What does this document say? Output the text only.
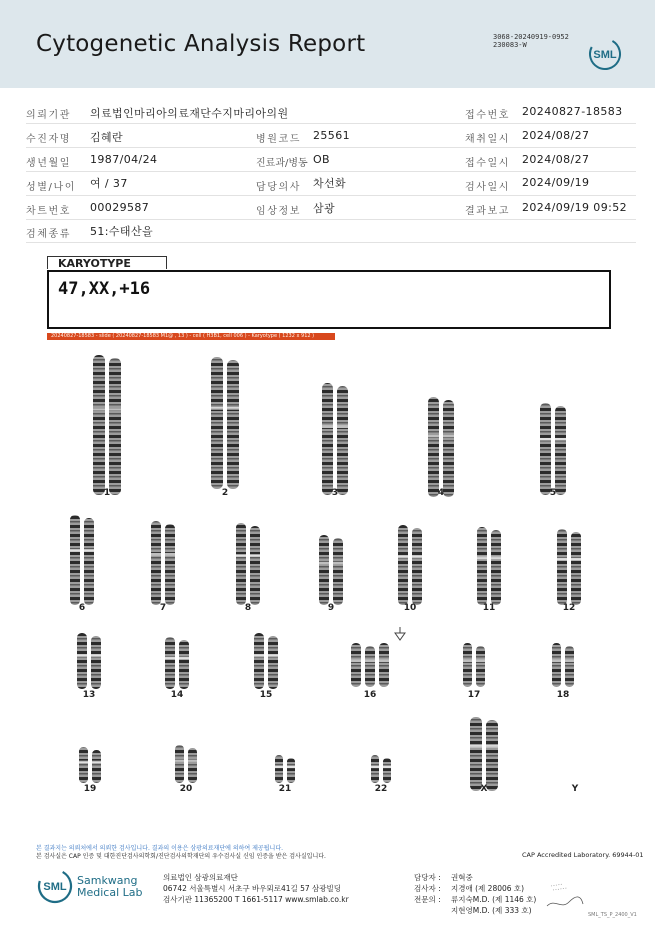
Cytogenetic Analysis Report	3068-20240919-0952
230083-W
SML
의뢰기관 의료법인마리아의료재단수지마리아의원	접수번호 20240827-18583
수진자명 김혜란	병원코드 25561	채취일시 2024/08/27
생년월일 1987/04/24	진료과/병동 OB	접수일시 2024/08/27
성별/나이 여 / 37	담당의사 차선화	검사일시 2024/09/19
차트번호 00029587	임상정보 삼광	결과보고 2024/09/19 09:52
검체종류 51:수태산을
KARYOTYPE
47,XX,+16
20240827-18583 - slide ( 20240827-18583 M1@ , 13 ) - cell ( H3B1, cell 006 ) - Karyotype ( 1232 x 912 )
1	2	3	4	5
6	7	8	9	10	11	12
13	14	15	16	17	18
19	20	21	22	X	Y
본 결과지는 의뢰처에서 의뢰한 검사입니다. 결과의 이용은 삼광의료재단에 의하여 제공됩니다.
본 검사실은 CAP 인증 및 대한진단검사의학회/진단검사의학재단의 우수검사실 신임 인증을 받은 검사실입니다.	CAP Accredited Laboratory. 69944-01
SML Samkwang
Medical Lab
의료법인 삼광의료재단
06742 서울특별시 서초구 바우뫼로41길 57 삼광빌딩
검사기관 11365200 T 1661-5117 www.smlab.co.kr
담당자 : 권혁중
검사자 : 지경애 (제 28006 호)
전문의 : 류지숙M.D. (제 1146 호)
지현영M.D. (제 333 호)	SML_TS_P_2400_V1
